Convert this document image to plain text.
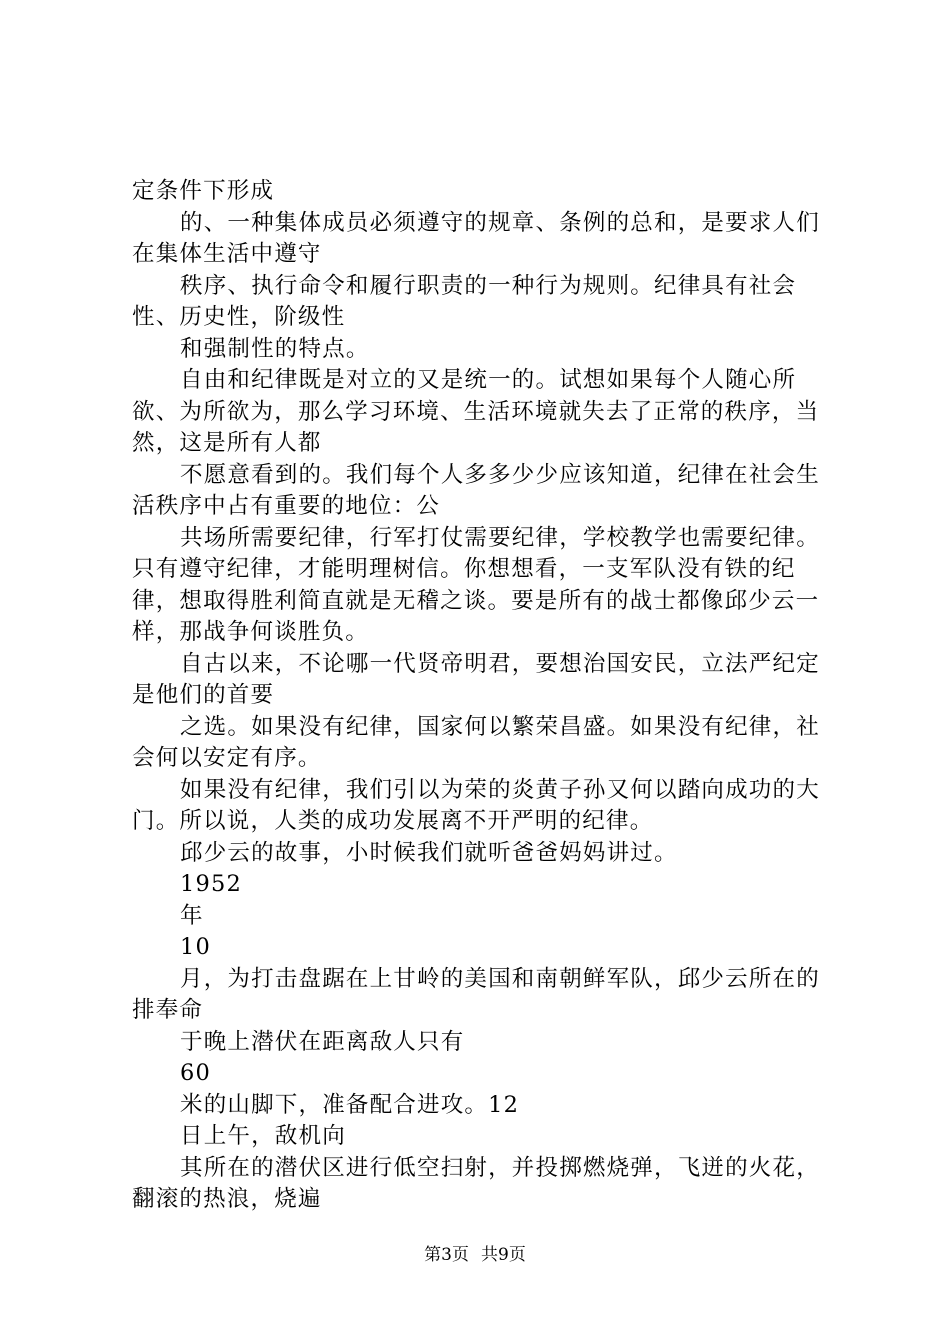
定条件下形成

的、一种集体成员必须遵守的规章、条例的总和，是要求人们在集体生活中遵守

秩序、执行命令和履行职责的一种行为规则。纪律具有社会性、历史性，阶级性

和强制性的特点。

自由和纪律既是对立的又是统一的。试想如果每个人随心所欲、为所欲为，那么学习环境、生活环境就失去了正常的秩序，当然，这是所有人都

不愿意看到的。我们每个人多多少少应该知道，纪律在社会生活秩序中占有重要的地位：公

共场所需要纪律，行军打仗需要纪律，学校教学也需要纪律。只有遵守纪律，才能明理树信。你想想看，一支军队没有铁的纪律，想取得胜利简直就是无稽之谈。要是所有的战士都像邱少云一样，那战争何谈胜负。

自古以来，不论哪一代贤帝明君，要想治国安民，立法严纪定是他们的首要

之选。如果没有纪律，国家何以繁荣昌盛。如果没有纪律，社会何以安定有序。

如果没有纪律，我们引以为荣的炎黄子孙又何以踏向成功的大门。所以说，人类的成功发展离不开严明的纪律。

邱少云的故事，小时候我们就听爸爸妈妈讲过。

1952

年

10

月，为打击盘踞在上甘岭的美国和南朝鲜军队，邱少云所在的排奉命

于晚上潜伏在距离敌人只有

60

米的山脚下，准备配合进攻。12

日上午，敌机向

其所在的潜伏区进行低空扫射，并投掷燃烧弹，飞迸的火花，翻滚的热浪，烧遍

第3页 共9页
